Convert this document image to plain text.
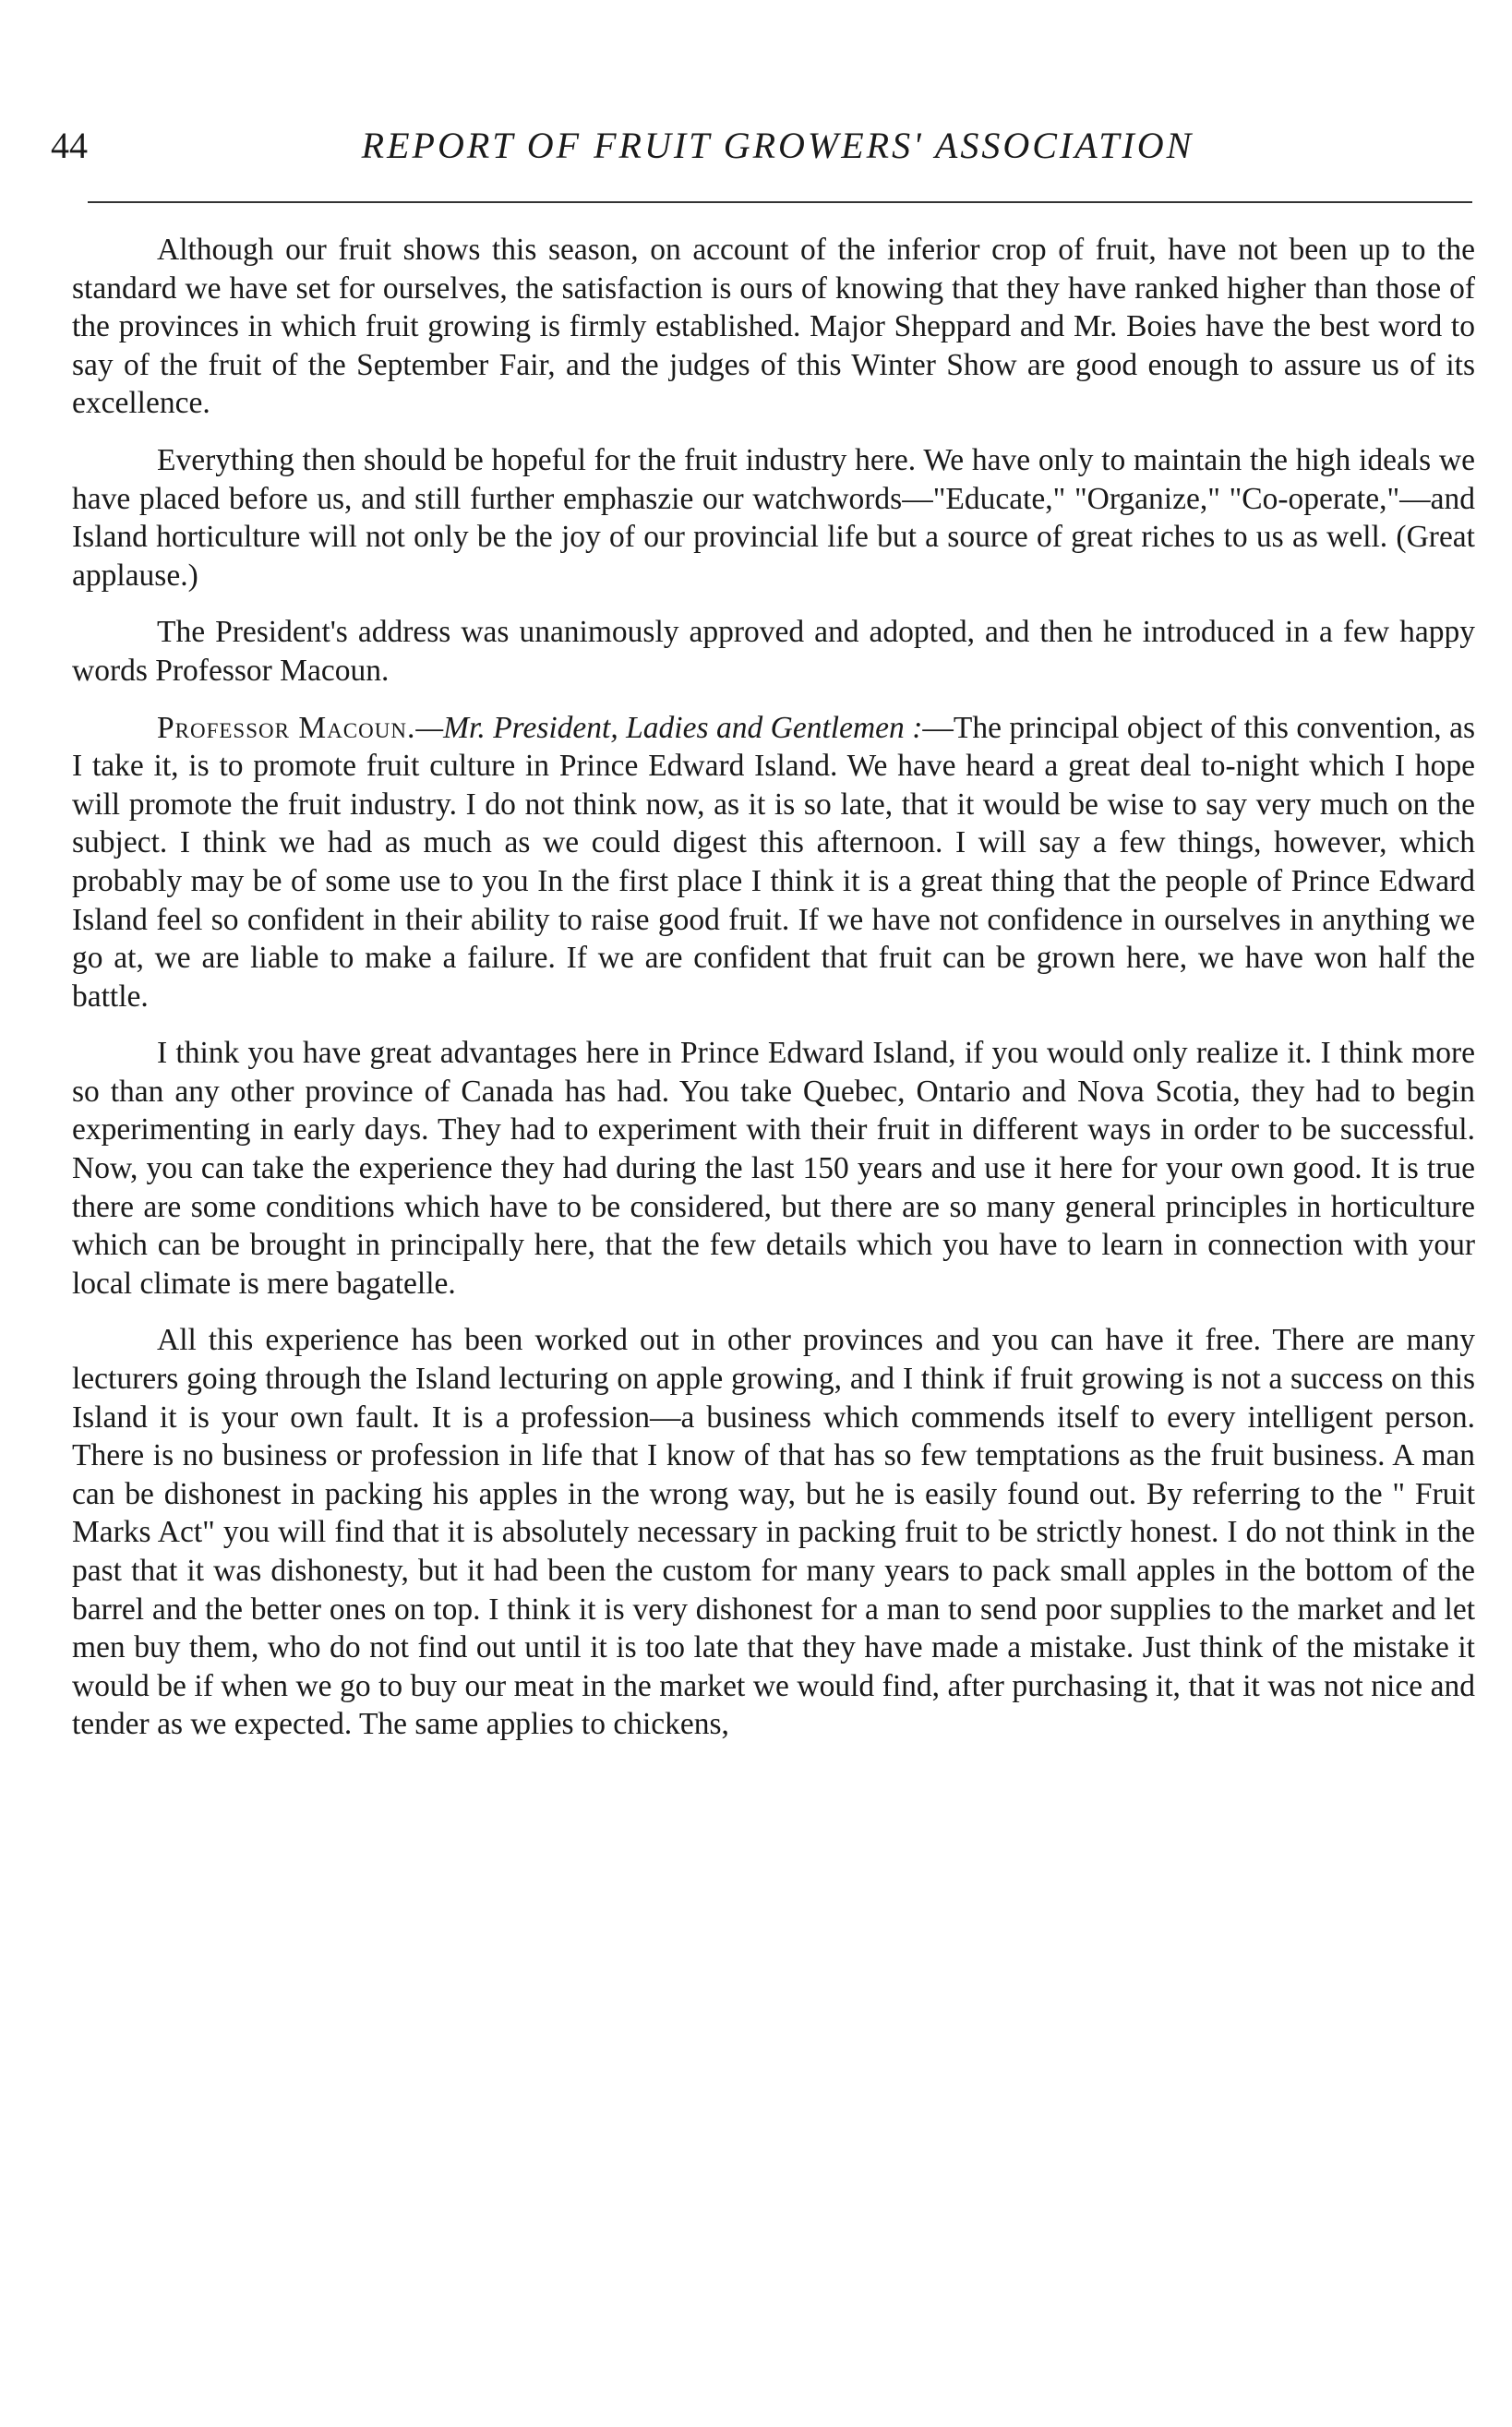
44	REPORT OF FRUIT GROWERS' ASSOCIATION

Although our fruit shows this season, on account of the inferior crop of fruit, have not been up to the standard we have set for ourselves, the satisfaction is ours of knowing that they have ranked higher than those of the provinces in which fruit growing is firmly established. Major Sheppard and Mr. Boies have the best word to say of the fruit of the September Fair, and the judges of this Winter Show are good enough to assure us of its excellence.

Everything then should be hopeful for the fruit industry here. We have only to maintain the high ideals we have placed before us, and still further emphaszie our watchwords—"Educate," "Organize," "Co-operate,"—and Island horticulture will not only be the joy of our provincial life but a source of great riches to us as well. (Great applause.)

The President's address was unanimously approved and adopted, and then he introduced in a few happy words Professor Macoun.

Professor Macoun.—Mr. President, Ladies and Gentlemen :—The principal object of this convention, as I take it, is to promote fruit culture in Prince Edward Island. We have heard a great deal to-night which I hope will promote the fruit industry. I do not think now, as it is so late, that it would be wise to say very much on the subject. I think we had as much as we could digest this afternoon. I will say a few things, however, which probably may be of some use to you In the first place I think it is a great thing that the people of Prince Edward Island feel so confident in their ability to raise good fruit. If we have not confidence in ourselves in anything we go at, we are liable to make a failure. If we are confident that fruit can be grown here, we have won half the battle.

I think you have great advantages here in Prince Edward Island, if you would only realize it. I think more so than any other province of Canada has had. You take Quebec, Ontario and Nova Scotia, they had to begin experimenting in early days. They had to experiment with their fruit in different ways in order to be successful. Now, you can take the experience they had during the last 150 years and use it here for your own good. It is true there are some conditions which have to be considered, but there are so many general principles in horticulture which can be brought in principally here, that the few details which you have to learn in connection with your local climate is mere bagatelle.

All this experience has been worked out in other provinces and you can have it free. There are many lecturers going through the Island lecturing on apple growing, and I think if fruit growing is not a success on this Island it is your own fault. It is a profession—a business which commends itself to every intelligent person. There is no business or profession in life that I know of that has so few temptations as the fruit business. A man can be dishonest in packing his apples in the wrong way, but he is easily found out. By referring to the " Fruit Marks Act" you will find that it is absolutely necessary in packing fruit to be strictly honest. I do not think in the past that it was dishonesty, but it had been the custom for many years to pack small apples in the bottom of the barrel and the better ones on top. I think it is very dishonest for a man to send poor supplies to the market and let men buy them, who do not find out until it is too late that they have made a mistake. Just think of the mistake it would be if when we go to buy our meat in the market we would find, after purchasing it, that it was not nice and tender as we expected. The same applies to chickens,
